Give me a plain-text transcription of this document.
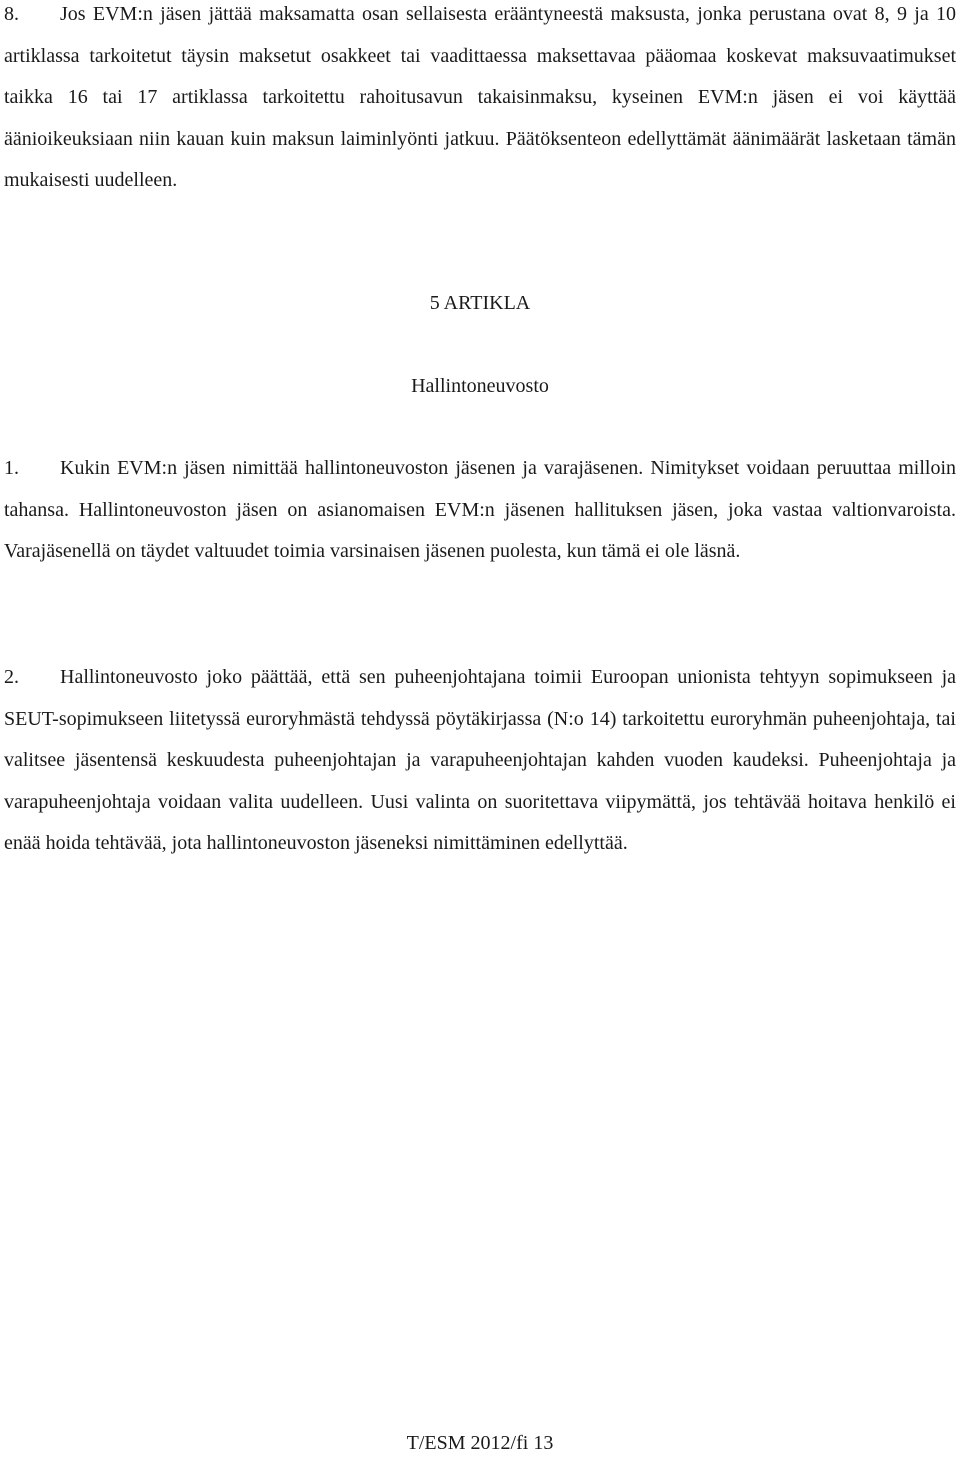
8. Jos EVM:n jäsen jättää maksamatta osan sellaisesta erääntyneestä maksusta, jonka perustana ovat 8, 9 ja 10 artiklassa tarkoitetut täysin maksetut osakkeet tai vaadittaessa maksettavaa pääomaa koskevat maksuvaatimukset taikka 16 tai 17 artiklassa tarkoitettu rahoitusavun takaisinmaksu, kyseinen EVM:n jäsen ei voi käyttää äänioikeuksiaan niin kauan kuin maksun laiminlyönti jatkuu. Päätöksenteon edellyttämät äänimäärät lasketaan tämän mukaisesti uudelleen.

5 ARTIKLA

Hallintoneuvosto

1. Kukin EVM:n jäsen nimittää hallintoneuvoston jäsenen ja varajäsenen. Nimitykset voidaan peruuttaa milloin tahansa. Hallintoneuvoston jäsen on asianomaisen EVM:n jäsenen hallituksen jäsen, joka vastaa valtionvaroista. Varajäsenellä on täydet valtuudet toimia varsinaisen jäsenen puolesta, kun tämä ei ole läsnä.

2. Hallintoneuvosto joko päättää, että sen puheenjohtajana toimii Euroopan unionista tehtyyn sopimukseen ja SEUT-sopimukseen liitetyssä euroryhmästä tehdyssä pöytäkirjassa (N:o 14) tarkoitettu euroryhmän puheenjohtaja, tai valitsee jäsentensä keskuudesta puheenjohtajan ja varapuheenjohtajan kahden vuoden kaudeksi. Puheenjohtaja ja varapuheenjohtaja voidaan valita uudelleen. Uusi valinta on suoritettava viipymättä, jos tehtävää hoitava henkilö ei enää hoida tehtävää, jota hallintoneuvoston jäseneksi nimittäminen edellyttää.

T/ESM 2012/fi 13
